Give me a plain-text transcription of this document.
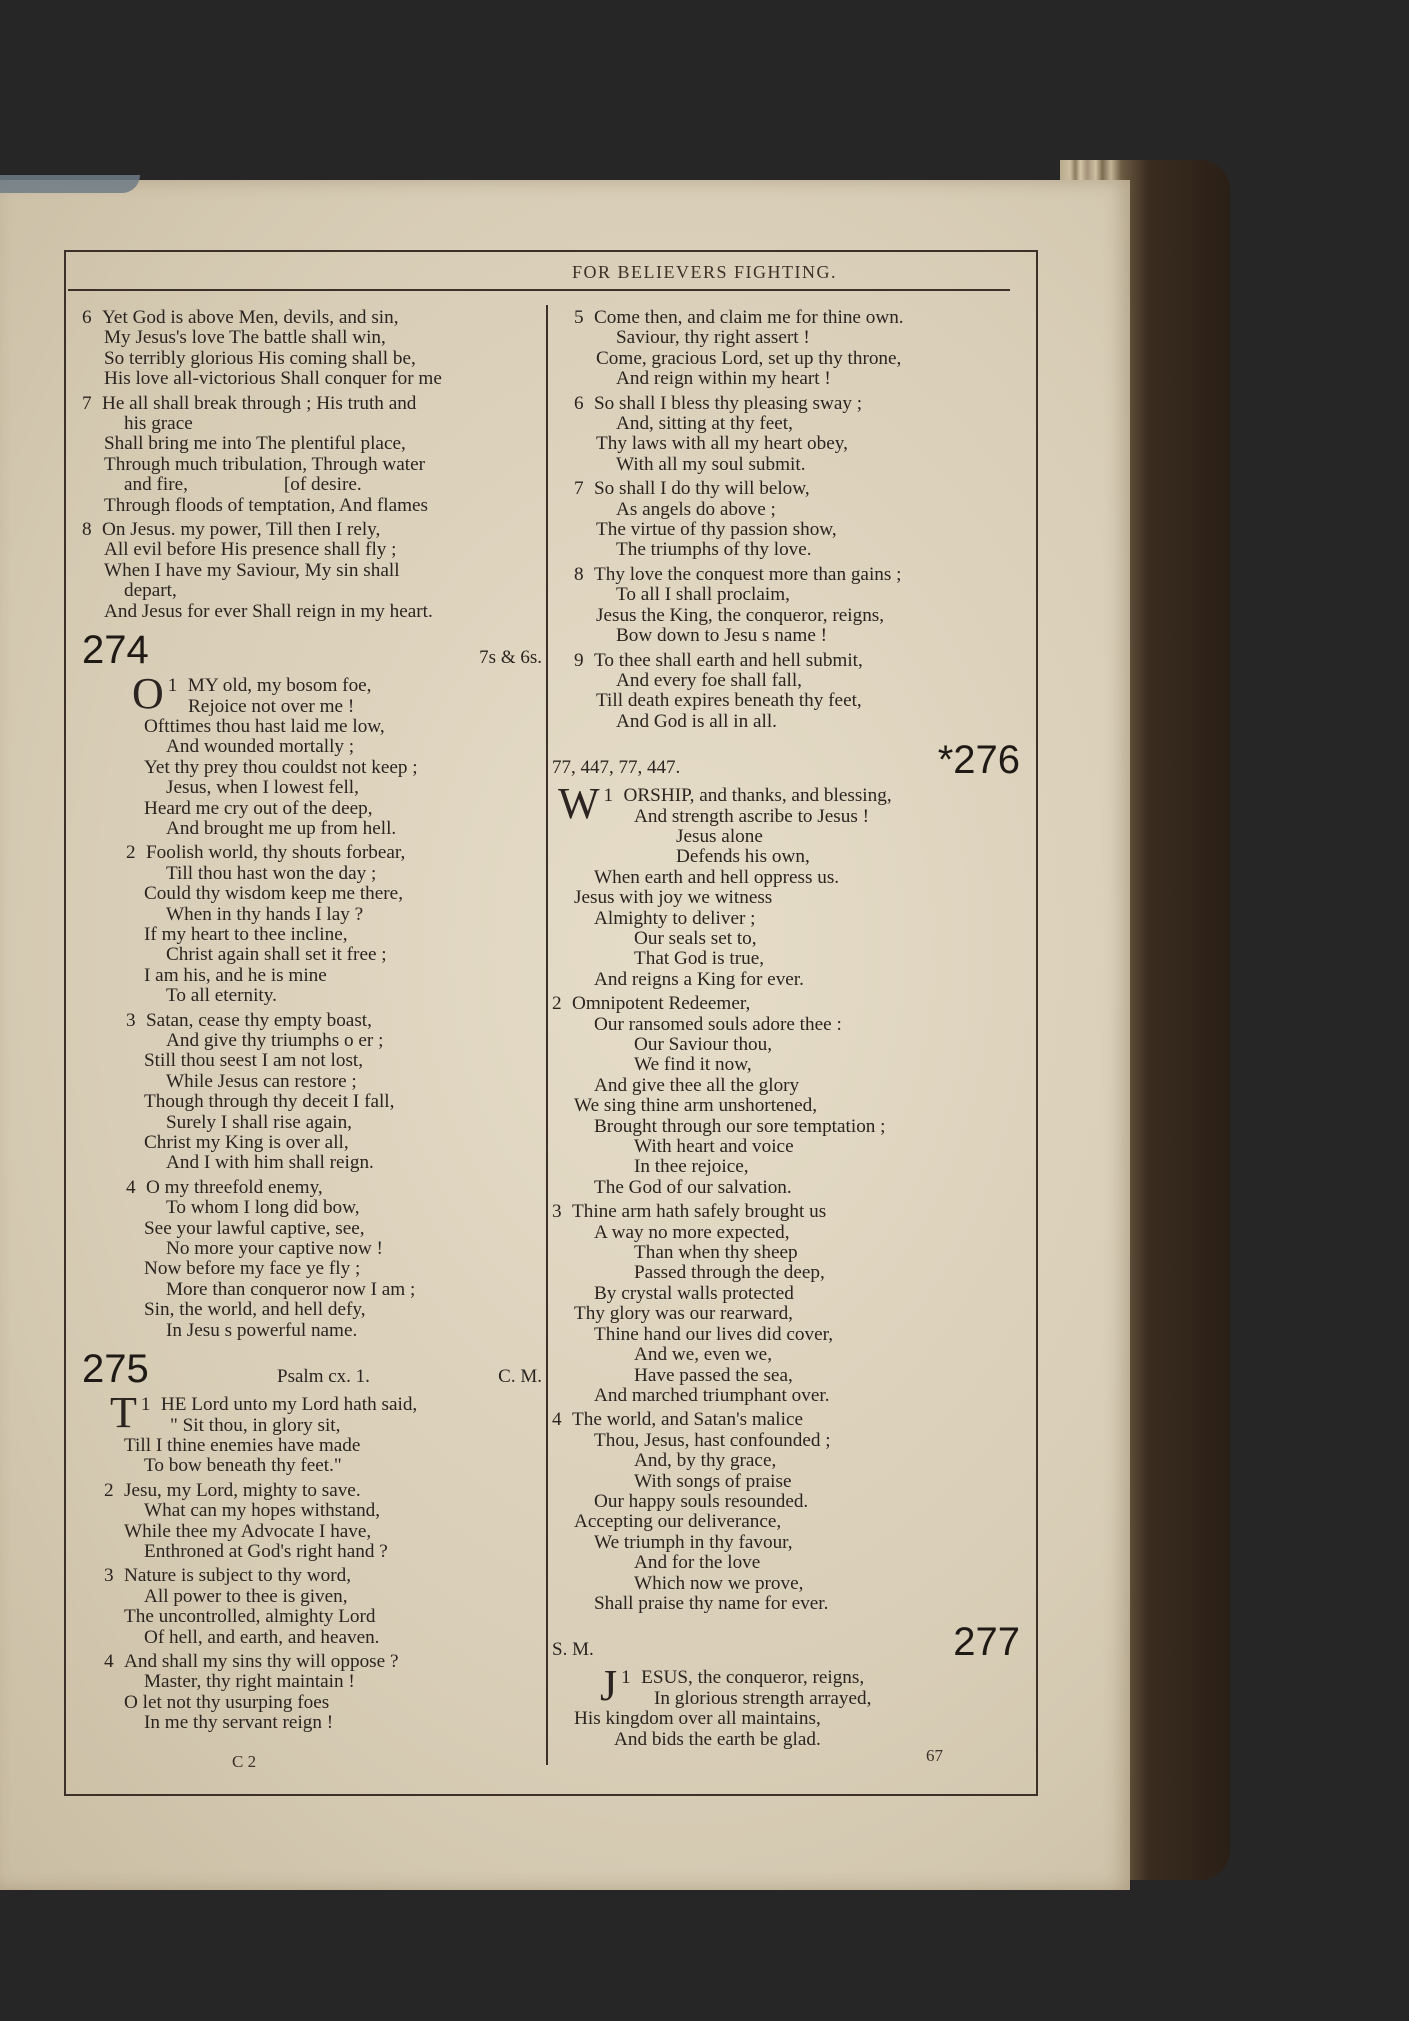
FOR BELIEVERS FIGHTING.

6 Yet God is above Men, devils, and sin,
My Jesus's love The battle shall win,
So terribly glorious His coming shall be,
His love all-victorious Shall conquer for me

7 He all shall break through ; His truth and
his grace
Shall bring me into The plentiful place,
Through much tribulation, Through water
and fire,                    [of desire.
Through floods of temptation, And flames

8 On Jesus. my power, Till then I rely,
All evil before His presence shall fly ;
When I have my Saviour, My sin shall
depart,
And Jesus for ever Shall reign in my heart.

274	7s & 6s.

1
O MY old, my bosom foe,
Rejoice not over me !
Ofttimes thou hast laid me low,
And wounded mortally ;
Yet thy prey thou couldst not keep ;
Jesus, when I lowest fell,
Heard me cry out of the deep,
And brought me up from hell.

2 Foolish world, thy shouts forbear,
Till thou hast won the day ;
Could thy wisdom keep me there,
When in thy hands I lay ?
If my heart to thee incline,
Christ again shall set it free ;
I am his, and he is mine
To all eternity.

3 Satan, cease thy empty boast,
And give thy triumphs o er ;
Still thou seest I am not lost,
While Jesus can restore ;
Though through thy deceit I fall,
Surely I shall rise again,
Christ my King is over all,
And I with him shall reign.

4 O my threefold enemy,
To whom I long did bow,
See your lawful captive, see,
No more your captive now !
Now before my face ye fly ;
More than conqueror now I am ;
Sin, the world, and hell defy,
In Jesu s powerful name.

275	Psalm cx. 1.	C. M.

1
T HE Lord unto my Lord hath said,
" Sit thou, in glory sit,
Till I thine enemies have made
To bow beneath thy feet."

2 Jesu, my Lord, mighty to save.
What can my hopes withstand,
While thee my Advocate I have,
Enthroned at God's right hand ?

3 Nature is subject to thy word,
All power to thee is given,
The uncontrolled, almighty Lord
Of hell, and earth, and heaven.

4 And shall my sins thy will oppose ?
Master, thy right maintain !
O let not thy usurping foes
In me thy servant reign !

5 Come then, and claim me for thine own.
Saviour, thy right assert !
Come, gracious Lord, set up thy throne,
And reign within my heart !

6 So shall I bless thy pleasing sway ;
And, sitting at thy feet,
Thy laws with all my heart obey,
With all my soul submit.

7 So shall I do thy will below,
As angels do above ;
The virtue of thy passion show,
The triumphs of thy love.

8 Thy love the conquest more than gains ;
To all I shall proclaim,
Jesus the King, the conqueror, reigns,
Bow down to Jesu s name !

9 To thee shall earth and hell submit,
And every foe shall fall,
Till death expires beneath thy feet,
And God is all in all.

77, 447, 77, 447.	*276

1
W ORSHIP, and thanks, and blessing,
And strength ascribe to Jesus !
Jesus alone
Defends his own,
When earth and hell oppress us.
Jesus with joy we witness
Almighty to deliver ;
Our seals set to,
That God is true,
And reigns a King for ever.

2 Omnipotent Redeemer,
Our ransomed souls adore thee :
Our Saviour thou,
We find it now,
And give thee all the glory
We sing thine arm unshortened,
Brought through our sore temptation ;
With heart and voice
In thee rejoice,
The God of our salvation.

3 Thine arm hath safely brought us
A way no more expected,
Than when thy sheep
Passed through the deep,
By crystal walls protected
Thy glory was our rearward,
Thine hand our lives did cover,
And we, even we,
Have passed the sea,
And marched triumphant over.

4 The world, and Satan's malice
Thou, Jesus, hast confounded ;
And, by thy grace,
With songs of praise
Our happy souls resounded.
Accepting our deliverance,
We triumph in thy favour,
And for the love
Which now we prove,
Shall praise thy name for ever.

S. M.	277

1
J ESUS, the conqueror, reigns,
In glorious strength arrayed,
His kingdom over all maintains,
And bids the earth be glad.

C 2	67
